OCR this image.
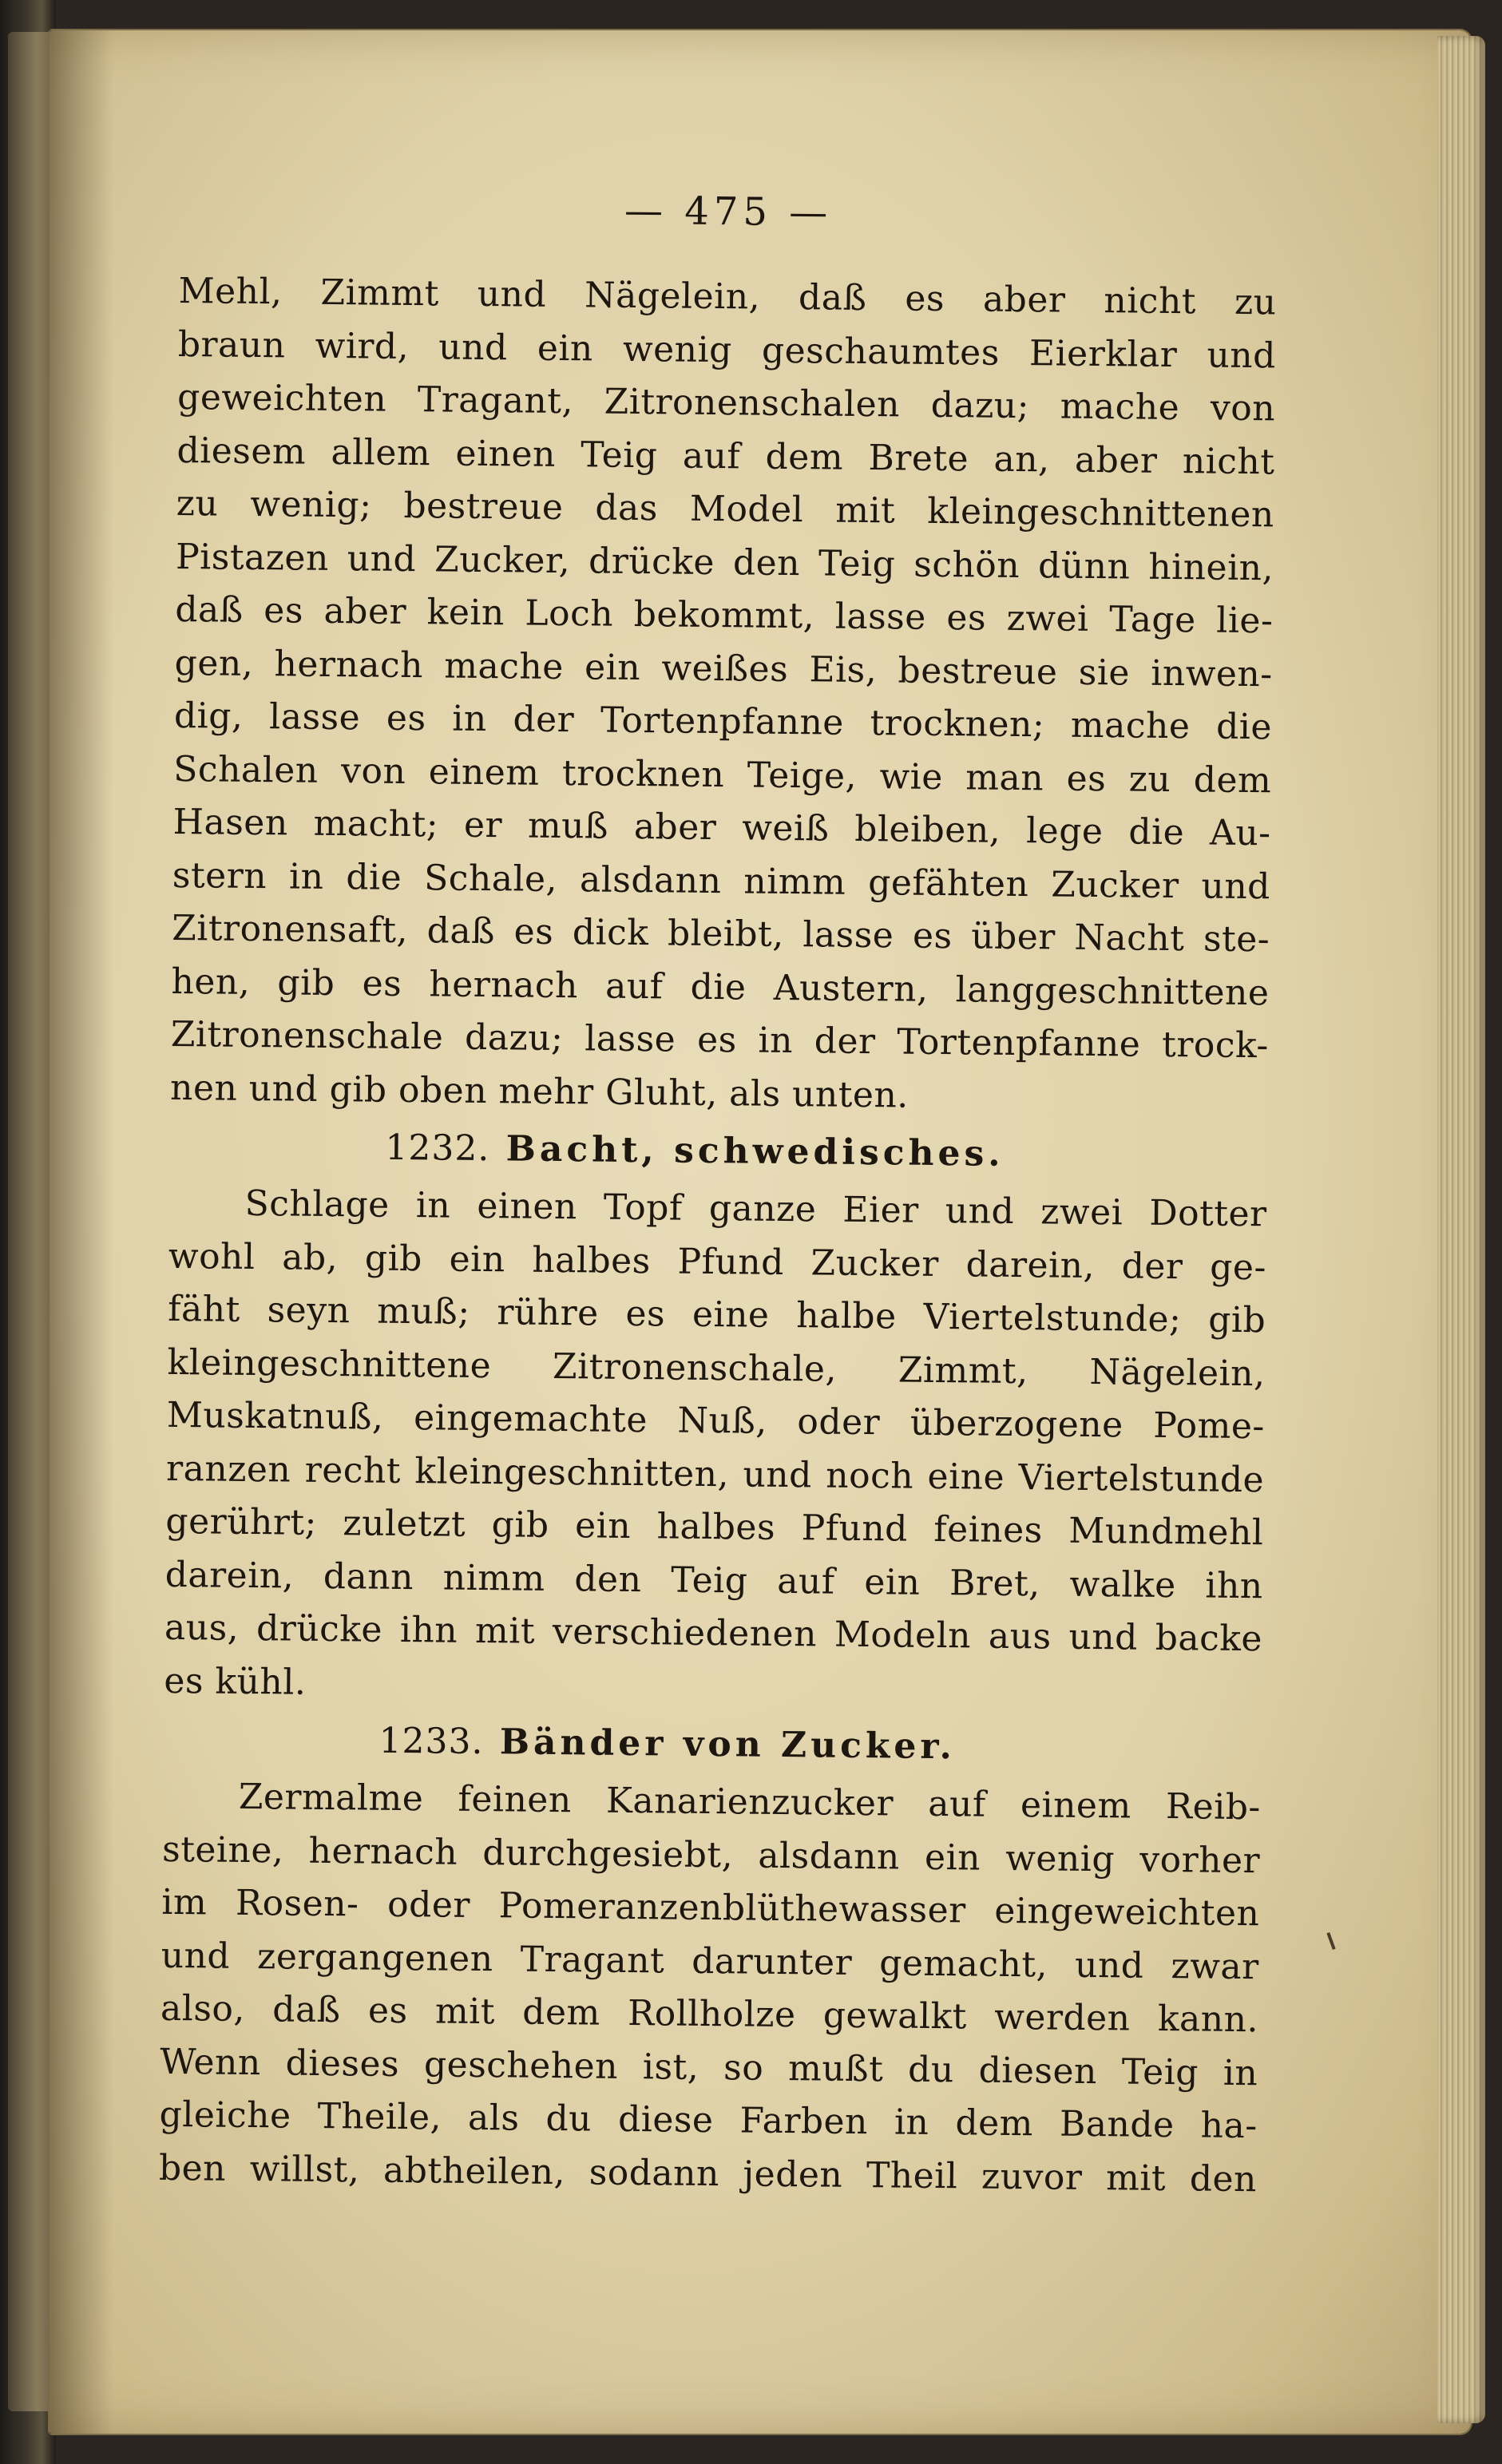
— 475 —
Mehl, Zimmt und Nägelein, daß es aber nicht zu
braun wird, und ein wenig geschaumtes Eierklar und
geweichten Tragant, Zitronenschalen dazu; mache von
diesem allem einen Teig auf dem Brete an, aber nicht
zu wenig; bestreue das Model mit kleingeschnittenen
Pistazen und Zucker, drücke den Teig schön dünn hinein,
daß es aber kein Loch bekommt, lasse es zwei Tage lie-
gen, hernach mache ein weißes Eis, bestreue sie inwen-
dig, lasse es in der Tortenpfanne trocknen; mache die
Schalen von einem trocknen Teige, wie man es zu dem
Hasen macht; er muß aber weiß bleiben, lege die Au-
stern in die Schale, alsdann nimm gefähten Zucker und
Zitronensaft, daß es dick bleibt, lasse es über Nacht ste-
hen, gib es hernach auf die Austern, langgeschnittene
Zitronenschale dazu; lasse es in der Tortenpfanne trock-
nen und gib oben mehr Gluht, als unten.
1232. Bacht, schwedisches.
Schlage in einen Topf ganze Eier und zwei Dotter
wohl ab, gib ein halbes Pfund Zucker darein, der ge-
fäht seyn muß; rühre es eine halbe Viertelstunde; gib
kleingeschnittene Zitronenschale, Zimmt, Nägelein,
Muskatnuß, eingemachte Nuß, oder überzogene Pome-
ranzen recht kleingeschnitten, und noch eine Viertelstunde
gerührt; zuletzt gib ein halbes Pfund feines Mundmehl
darein, dann nimm den Teig auf ein Bret, walke ihn
aus, drücke ihn mit verschiedenen Modeln aus und backe
es kühl.
1233. Bänder von Zucker.
Zermalme feinen Kanarienzucker auf einem Reib-
steine, hernach durchgesiebt, alsdann ein wenig vorher
im Rosen- oder Pomeranzenblüthewasser eingeweichten
und zergangenen Tragant darunter gemacht, und zwar
also, daß es mit dem Rollholze gewalkt werden kann.
Wenn dieses geschehen ist, so mußt du diesen Teig in
gleiche Theile, als du diese Farben in dem Bande ha-
ben willst, abtheilen, sodann jeden Theil zuvor mit den
